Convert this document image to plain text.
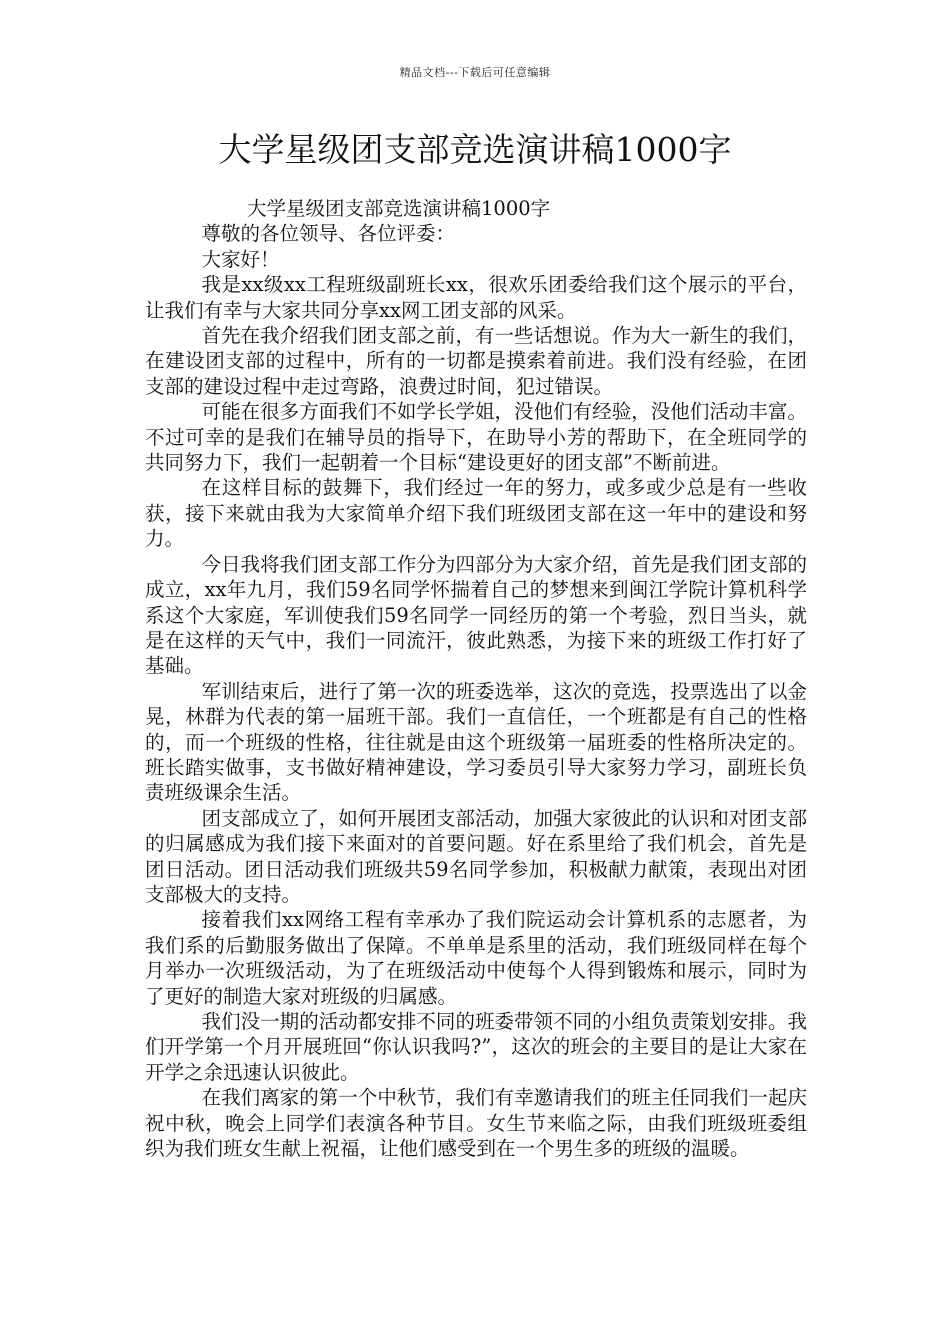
精品文档---下载后可任意编辑
大学星级团支部竞选演讲稿1000字

大学星级团支部竞选演讲稿1000字

尊敬的各位领导、各位评委：

大家好！

我是xx级xx工程班级副班长xx，很欢乐团委给我们这个展示的平台，让我们有幸与大家共同分享xx网工团支部的风采。

首先在我介绍我们团支部之前，有一些话想说。作为大一新生的我们，在建设团支部的过程中，所有的一切都是摸索着前进。我们没有经验，在团支部的建设过程中走过弯路，浪费过时间，犯过错误。

可能在很多方面我们不如学长学姐，没他们有经验，没他们活动丰富。不过可幸的是我们在辅导员的指导下，在助导小芳的帮助下，在全班同学的共同努力下，我们一起朝着一个目标“建设更好的团支部”不断前进。

在这样目标的鼓舞下，我们经过一年的努力，或多或少总是有一些收获，接下来就由我为大家简单介绍下我们班级团支部在这一年中的建设和努力。

今日我将我们团支部工作分为四部分为大家介绍，首先是我们团支部的成立，xx年九月，我们59名同学怀揣着自己的梦想来到闽江学院计算机科学系这个大家庭，军训使我们59名同学一同经历的第一个考验，烈日当头，就是在这样的天气中，我们一同流汗，彼此熟悉，为接下来的班级工作打好了基础。

军训结束后，进行了第一次的班委选举，这次的竞选，投票选出了以金晃，林群为代表的第一届班干部。我们一直信任，一个班都是有自己的性格的，而一个班级的性格，往往就是由这个班级第一届班委的性格所决定的。班长踏实做事，支书做好精神建设，学习委员引导大家努力学习，副班长负责班级课余生活。

团支部成立了，如何开展团支部活动，加强大家彼此的认识和对团支部的归属感成为我们接下来面对的首要问题。好在系里给了我们机会，首先是团日活动。团日活动我们班级共59名同学参加，积极献力献策，表现出对团支部极大的支持。

接着我们xx网络工程有幸承办了我们院运动会计算机系的志愿者，为我们系的后勤服务做出了保障。不单单是系里的活动，我们班级同样在每个月举办一次班级活动，为了在班级活动中使每个人得到锻炼和展示，同时为了更好的制造大家对班级的归属感。

我们没一期的活动都安排不同的班委带领不同的小组负责策划安排。我们开学第一个月开展班回“你认识我吗?”，这次的班会的主要目的是让大家在开学之余迅速认识彼此。

在我们离家的第一个中秋节，我们有幸邀请我们的班主任同我们一起庆祝中秋，晚会上同学们表演各种节目。女生节来临之际，由我们班级班委组织为我们班女生献上祝福，让他们感受到在一个男生多的班级的温暖。
